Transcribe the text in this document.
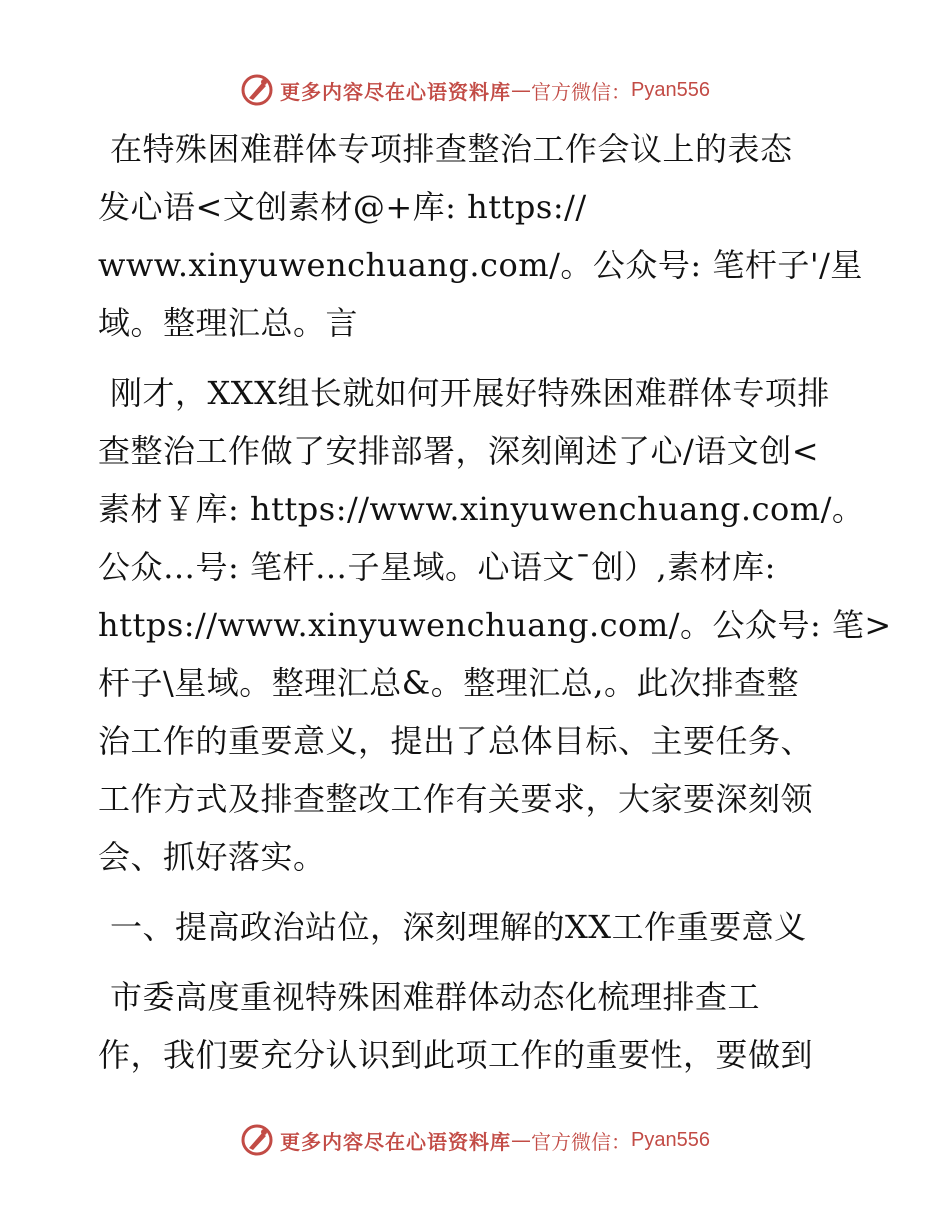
更多内容尽在心语资料库 — 官方微信： Pyan556
在特殊困难群体专项排查整治工作会议上的表态
发心语<文创素材@+库: https://
www.xinyuwenchuang.com/。公众号: 笔杆子'/星
域。整理汇总。言
刚才，XXX组长就如何开展好特殊困难群体专项排
查整治工作做了安排部署，深刻阐述了心/语文创<
素材￥库: https://www.xinyuwenchuang.com/。
公众…号: 笔杆…子星域。心语文¯创）,素材库:
https://www.xinyuwenchuang.com/。公众号: 笔>
杆子\星域。整理汇总&。整理汇总,。此次排查整
治工作的重要意义，提出了总体目标、主要任务、
工作方式及排查整改工作有关要求，大家要深刻领
会、抓好落实。
一、提高政治站位，深刻理解的XX工作重要意义
市委高度重视特殊困难群体动态化梳理排查工
作，我们要充分认识到此项工作的重要性，要做到
更多内容尽在心语资料库 — 官方微信： Pyan556
